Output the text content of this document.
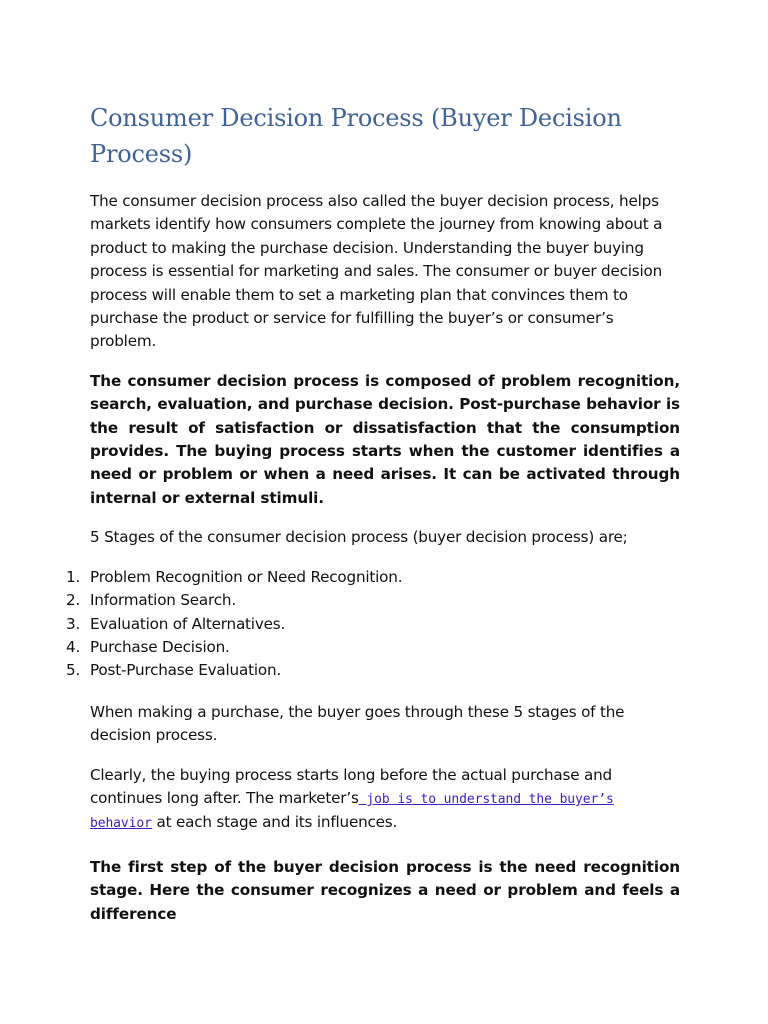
Consumer Decision Process (Buyer Decision Process)

The consumer decision process also called the buyer decision process, helps markets identify how consumers complete the journey from knowing about a product to making the purchase decision. Understanding the buyer buying process is essential for marketing and sales. The consumer or buyer decision process will enable them to set a marketing plan that convinces them to purchase the product or service for fulfilling the buyer’s or consumer’s problem.

The consumer decision process is composed of problem recognition, search, evaluation, and purchase decision. Post-purchase behavior is the result of satisfaction or dissatisfaction that the consumption provides. The buying process starts when the customer identifies a need or problem or when a need arises. It can be activated through internal or external stimuli.

5 Stages of the consumer decision process (buyer decision process) are;

1. Problem Recognition or Need Recognition.
2. Information Search.
3. Evaluation of Alternatives.
4. Purchase Decision.
5. Post-Purchase Evaluation.

When making a purchase, the buyer goes through these 5 stages of the decision process.

Clearly, the buying process starts long before the actual purchase and continues long after. The marketer’s job is to understand the buyer’s behavior at each stage and its influences.

The first step of the buyer decision process is the need recognition stage. Here the consumer recognizes a need or problem and feels a difference
